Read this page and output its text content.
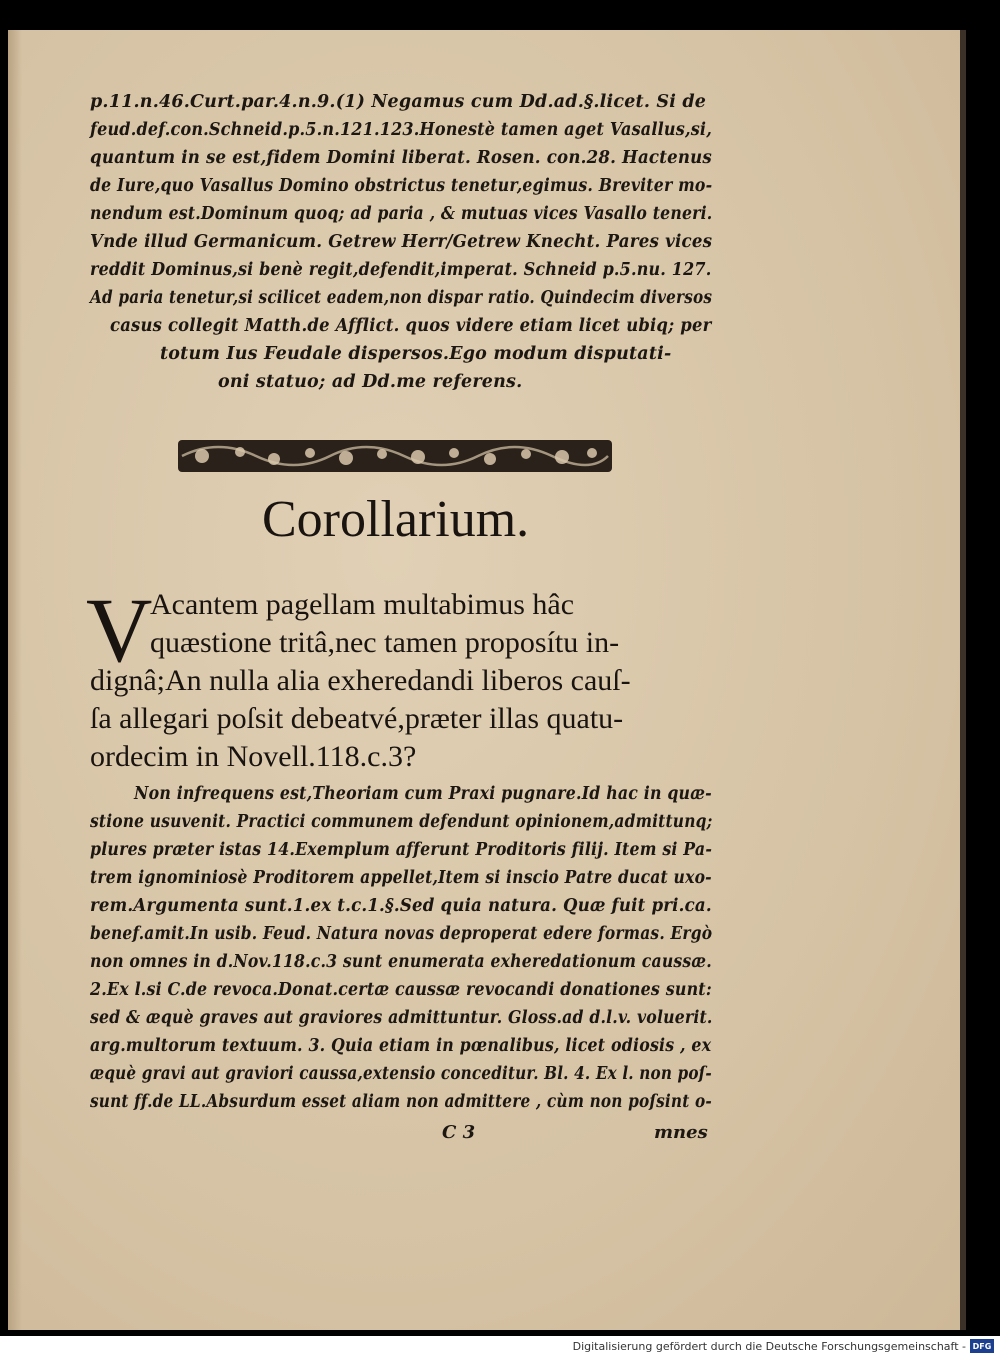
p.11.n.46.Curt.par.4.n.9.(1) Negamus cum Dd.ad.§.licet. Si de
feud.def.con.Schneid.p.5.n.121.123.Honestè tamen aget Vasallus,si,
quantum in se est,fidem Domini liberat. Rosen. con.28. Hactenus
de Iure,quo Vasallus Domino obstrictus tenetur,egimus. Breviter mo-
nendum est.Dominum quoq; ad paria , & mutuas vices Vasallo teneri.
Vnde illud Germanicum. Getrew Herr/Getrew Knecht. Pares vices
reddit Dominus,si benè regit,defendit,imperat. Schneid p.5.nu. 127.
Ad paria tenetur,si scilicet eadem,non dispar ratio. Quindecim diversos
casus collegit Matth.de Afflict. quos videre etiam licet ubiq; per
totum Ius Feudale dispersos.Ego modum disputati-
oni statuo; ad Dd.me referens.
Corollarium.
V
Acantem pagellam multabimus hâc
quæstione tritâ,nec tamen proposítu in-
dignâ;An nulla alia exheredandi liberos cauſ-
ſa allegari poſsit debeatvé,præter illas quatu-
ordecim in Novell.118.c.3?
Non infrequens est,Theoriam cum Praxi pugnare.Id hac in quæ-
stione usuvenit. Practici communem defendunt opinionem,admittunq;
plures præter istas 14.Exemplum afferunt Proditoris filij. Item si Pa-
trem ignominiosè Proditorem appellet,Item si inscio Patre ducat uxo-
rem.Argumenta sunt.1.ex t.c.1.§.Sed quia natura. Quæ fuit pri.ca.
benef.amit.In usib. Feud. Natura novas deproperat edere formas. Ergò
non omnes in d.Nov.118.c.3 sunt enumerata exheredationum caussæ.
2.Ex l.si C.de revoca.Donat.certæ caussæ revocandi donationes sunt:
sed & æquè graves aut graviores admittuntur. Gloss.ad d.l.v. voluerit.
arg.multorum textuum. 3. Quia etiam in pœnalibus, licet odiosis , ex
æquè gravi aut graviori caussa,extensio conceditur. Bl. 4. Ex l. non poſ-
sunt ff.de LL.Absurdum esset aliam non admittere , cùm non poſsint o-
C 3	mnes
Digitalisierung gefördert durch die Deutsche Forschungsgemeinschaft - DFG
